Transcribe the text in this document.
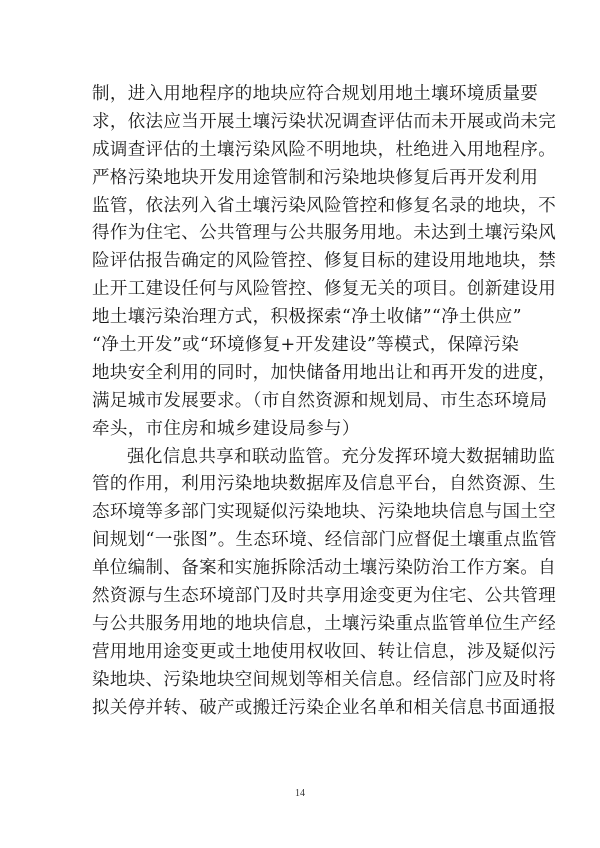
制，进入用地程序的地块应符合规划用地土壤环境质量要
求，依法应当开展土壤污染状况调查评估而未开展或尚未完
成调查评估的土壤污染风险不明地块，杜绝进入用地程序。
严格污染地块开发用途管制和污染地块修复后再开发利用
监管，依法列入省土壤污染风险管控和修复名录的地块，不
得作为住宅、公共管理与公共服务用地。未达到土壤污染风
险评估报告确定的风险管控、修复目标的建设用地地块，禁
止开工建设任何与风险管控、修复无关的项目。创新建设用
地土壤污染治理方式，积极探索“净土收储”“净土供应”
“净土开发”或“环境修复+开发建设”等模式，保障污染
地块安全利用的同时，加快储备用地出让和再开发的进度，
满足城市发展要求。（市自然资源和规划局、市生态环境局
牵头，市住房和城乡建设局参与）
强化信息共享和联动监管。充分发挥环境大数据辅助监
管的作用，利用污染地块数据库及信息平台，自然资源、生
态环境等多部门实现疑似污染地块、污染地块信息与国土空
间规划“一张图”。生态环境、经信部门应督促土壤重点监管
单位编制、备案和实施拆除活动土壤污染防治工作方案。自
然资源与生态环境部门及时共享用途变更为住宅、公共管理
与公共服务用地的地块信息，土壤污染重点监管单位生产经
营用地用途变更或土地使用权收回、转让信息，涉及疑似污
染地块、污染地块空间规划等相关信息。经信部门应及时将
拟关停并转、破产或搬迁污染企业名单和相关信息书面通报
14
